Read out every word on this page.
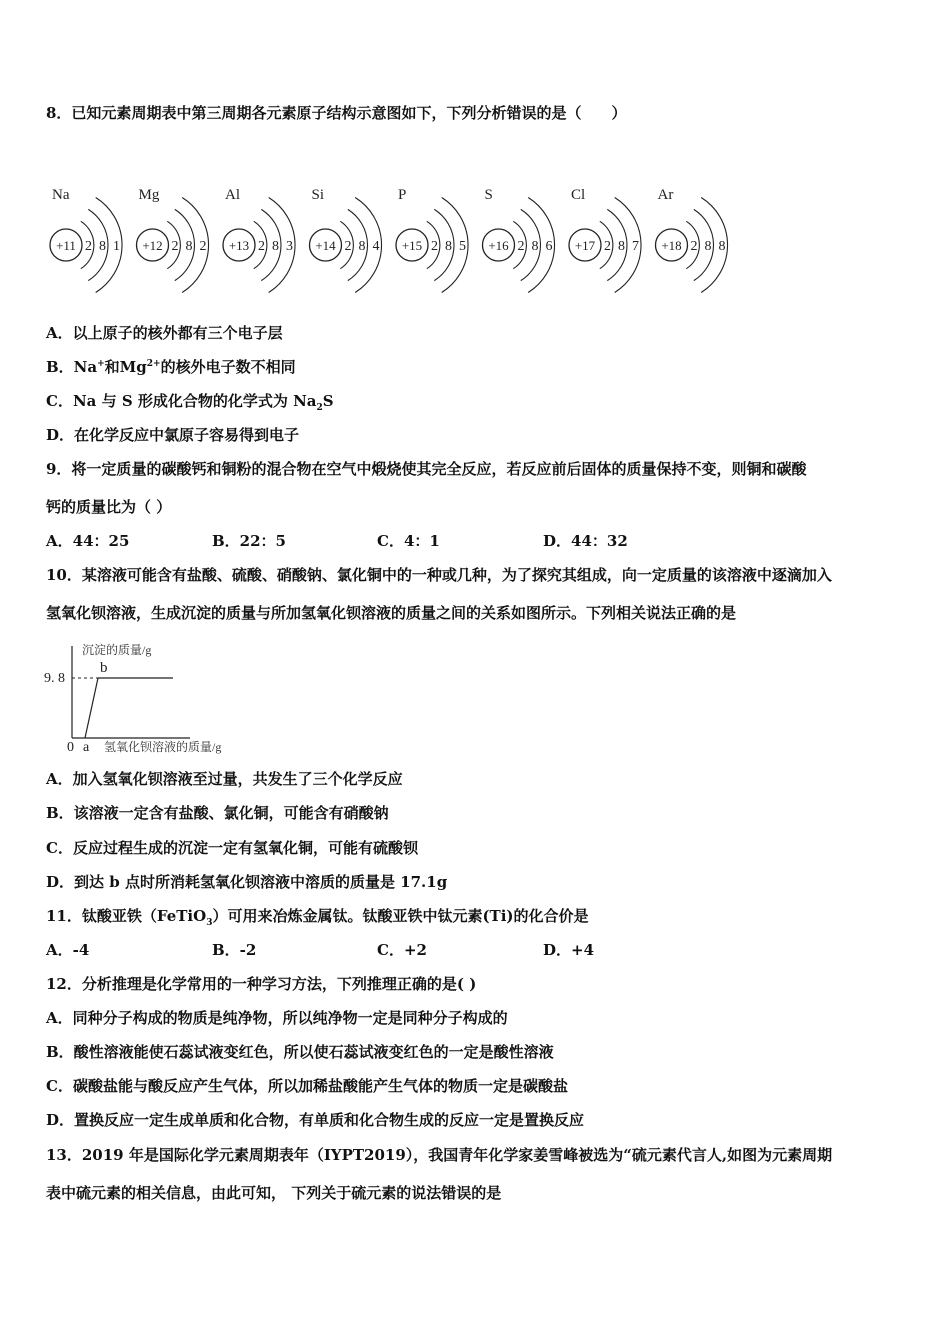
8．已知元素周期表中第三周期各元素原子结构示意图如下，下列分析错误的是（　　）
Na
+11 2 8 1
Mg
+12 2 8 2
Al
+13 2 8 3
Si
+14 2 8 4
P
+15 2 8 5
S
+16 2 8 6
Cl
+17 2 8 7
Ar
+18 2 8 8
A．以上原子的核外都有三个电子层
B．Na+和$Mg^{2+}$的核外电子数不相同
C．Na 与 S 形成化合物的化学式为 $Na_2S$
D．在化学反应中氯原子容易得到电子
9．将一定质量的碳酸钙和铜粉的混合物在空气中煅烧使其完全反应，若反应前后固体的质量保持不变，则铜和碳酸
钙的质量比为（ ）
A．44：25	B．22：5	C．4：1	D．44：32
10．某溶液可能含有盐酸、硫酸、硝酸钠、氯化铜中的一种或几种，为了探究其组成，向一定质量的该溶液中逐滴加入
氢氧化钡溶液，生成沉淀的质量与所加氢氧化钡溶液的质量之间的关系如图所示。下列相关说法正确的是
沉淀的质量/g
9. 8
b
0 a 氢氧化钡溶液的质量/g
A．加入氢氧化钡溶液至过量，共发生了三个化学反应
B．该溶液一定含有盐酸、氯化铜，可能含有硝酸钠
C．反应过程生成的沉淀一定有氢氧化铜，可能有硫酸钡
D．到达 b 点时所消耗氢氧化钡溶液中溶质的质量是 17.1g
11．钛酸亚铁（FeTiO$_3$）可用来冶炼金属钛。钛酸亚铁中钛元素(Ti)的化合价是
A．-4	B．-2	C．+2	D．+4
12．分析推理是化学常用的一种学习方法，下列推理正确的是( )
A．同种分子构成的物质是纯净物，所以纯净物一定是同种分子构成的
B．酸性溶液能使石蕊试液变红色，所以使石蕊试液变红色的一定是酸性溶液
C．碳酸盐能与酸反应产生气体，所以加稀盐酸能产生气体的物质一定是碳酸盐
D．置换反应一定生成单质和化合物，有单质和化合物生成的反应一定是置换反应
13．2019 年是国际化学元素周期表年（IYPT2019），我国青年化学家姜雪峰被选为“硫元素代言人,如图为元素周期
表中硫元素的相关信息，由此可知， 下列关于硫元素的说法错误的是
